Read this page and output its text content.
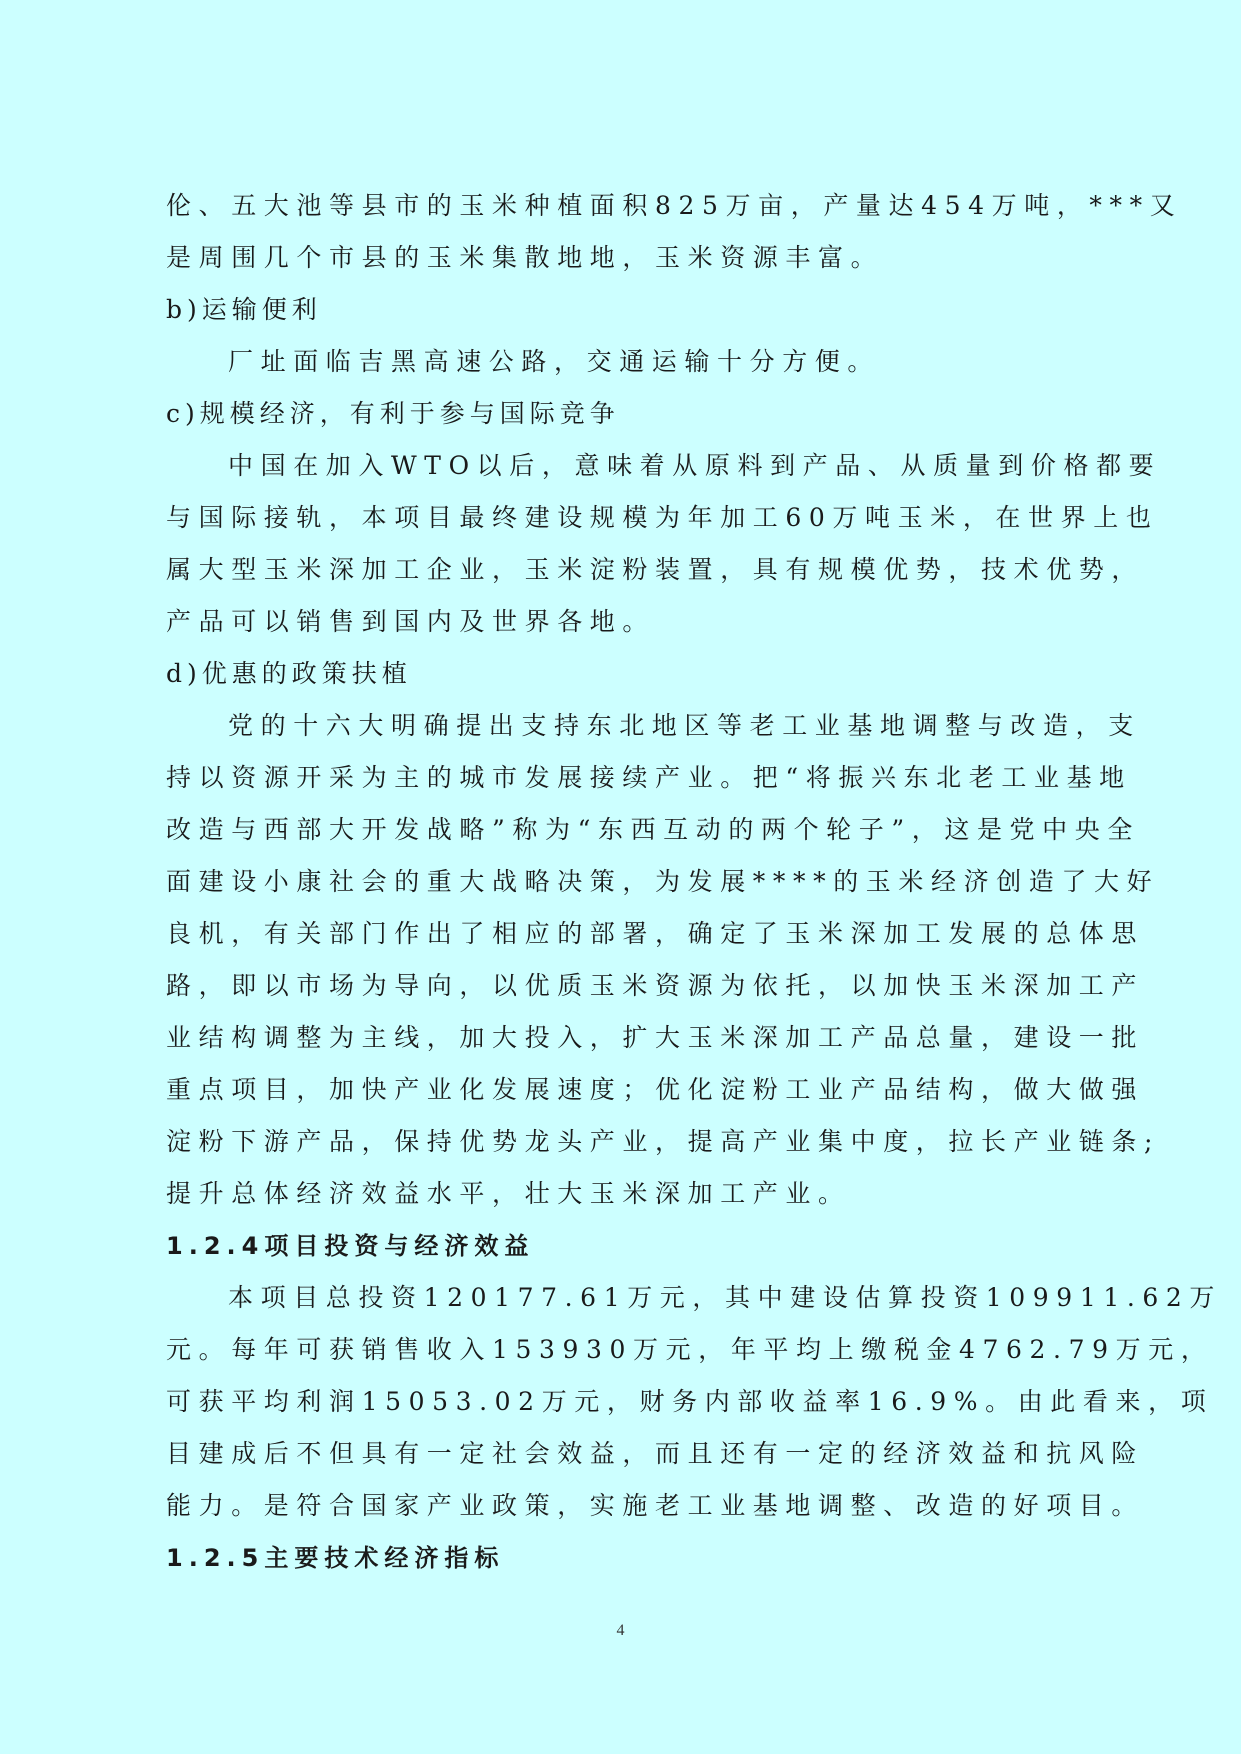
伦、五大池等县市的玉米种植面积825万亩，产量达454万吨，***又
是周围几个市县的玉米集散地地，玉米资源丰富。
b)运输便利
厂址面临吉黑高速公路，交通运输十分方便。
c)规模经济，有利于参与国际竞争
中国在加入WTO以后，意味着从原料到产品、从质量到价格都要
与国际接轨，本项目最终建设规模为年加工60万吨玉米，在世界上也
属大型玉米深加工企业，玉米淀粉装置，具有规模优势，技术优势，
产品可以销售到国内及世界各地。
d)优惠的政策扶植
党的十六大明确提出支持东北地区等老工业基地调整与改造，支
持以资源开采为主的城市发展接续产业。把“将振兴东北老工业基地
改造与西部大开发战略”称为“东西互动的两个轮子”，这是党中央全
面建设小康社会的重大战略决策，为发展****的玉米经济创造了大好
良机，有关部门作出了相应的部署，确定了玉米深加工发展的总体思
路，即以市场为导向，以优质玉米资源为依托，以加快玉米深加工产
业结构调整为主线，加大投入，扩大玉米深加工产品总量，建设一批
重点项目，加快产业化发展速度；优化淀粉工业产品结构，做大做强
淀粉下游产品，保持优势龙头产业，提高产业集中度，拉长产业链条;
提升总体经济效益水平，壮大玉米深加工产业。
1.2.4项目投资与经济效益
本项目总投资120177.61万元，其中建设估算投资109911.62万
元。每年可获销售收入153930万元，年平均上缴税金4762.79万元，
可获平均利润15053.02万元，财务内部收益率16.9%。由此看来，项
目建成后不但具有一定社会效益，而且还有一定的经济效益和抗风险
能力。是符合国家产业政策，实施老工业基地调整、改造的好项目。
1.2.5主要技术经济指标
4
